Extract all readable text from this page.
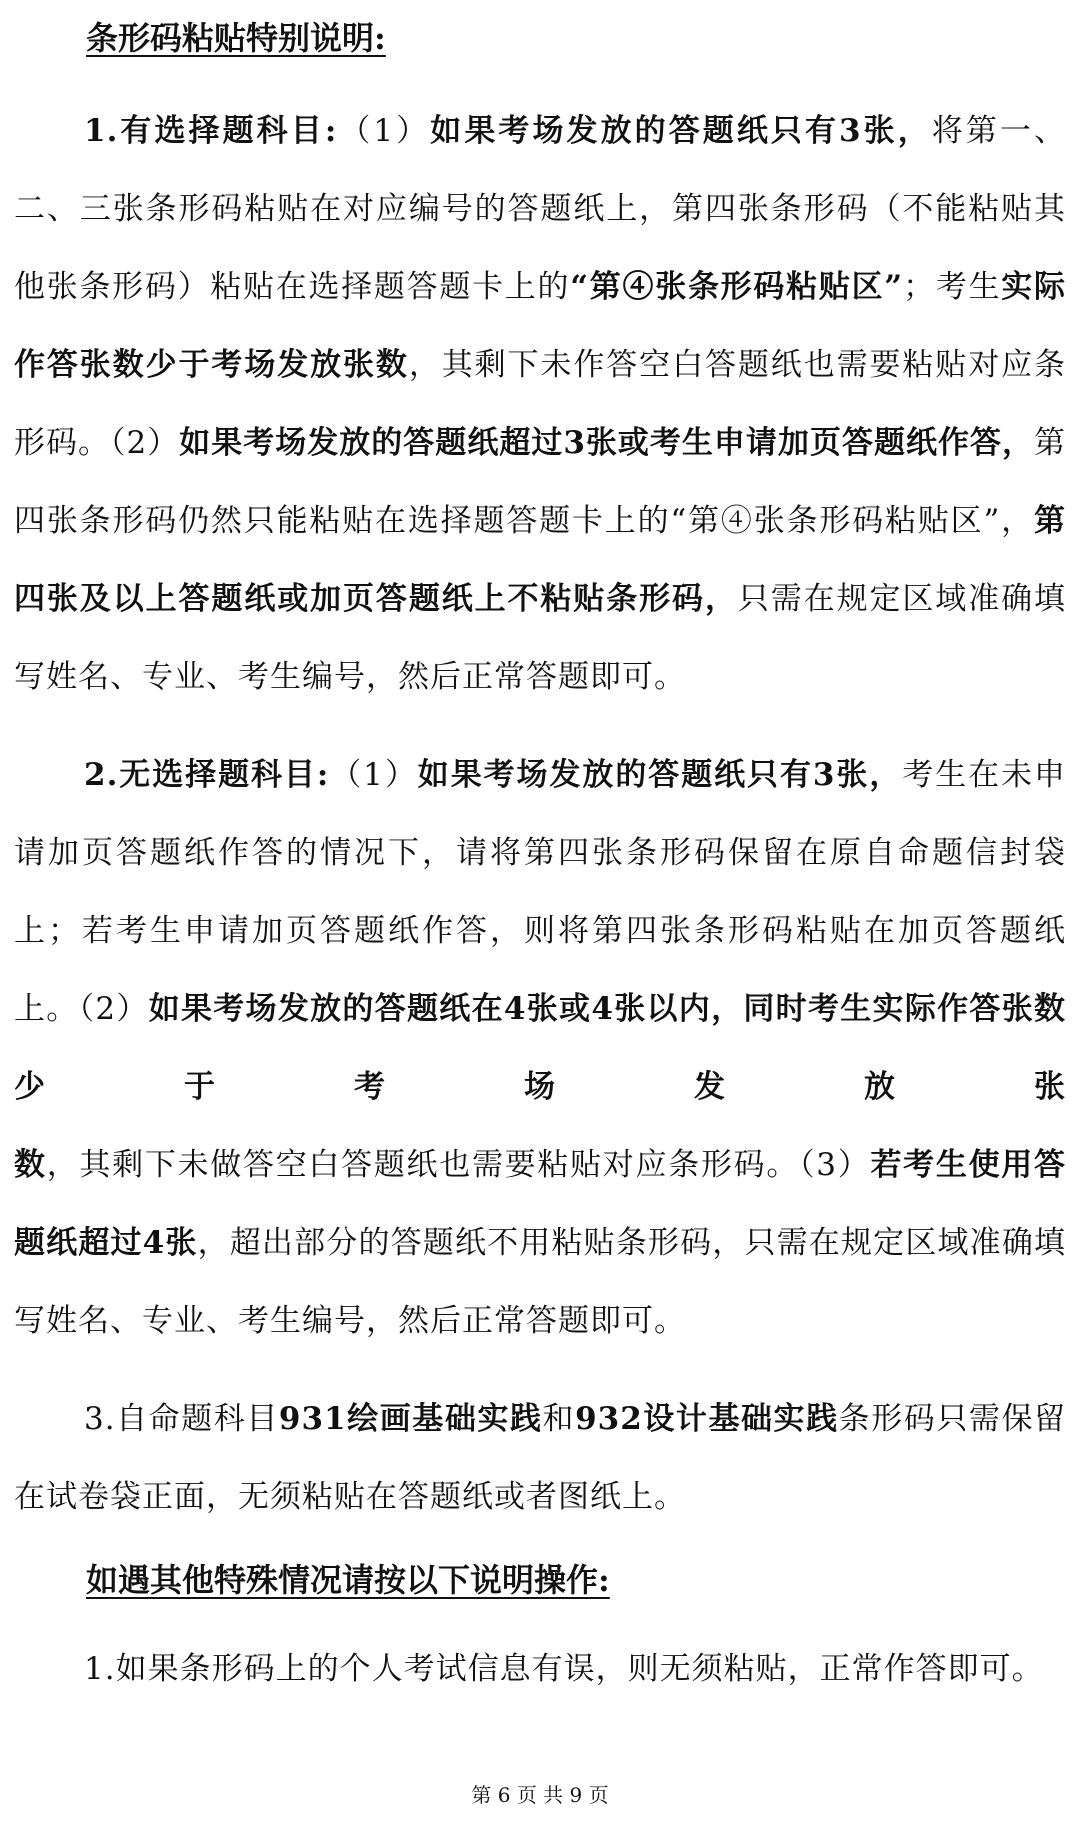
条形码粘贴特别说明:

1.有选择题科目:（1）如果考场发放的答题纸只有3张，将第一、二、三张条形码粘贴在对应编号的答题纸上，第四张条形码（不能粘贴其他张条形码）粘贴在选择题答题卡上的“第④张条形码粘贴区”；考生实际作答张数少于考场发放张数，其剩下未作答空白答题纸也需要粘贴对应条形码。（2）如果考场发放的答题纸超过3张或考生申请加页答题纸作答，第四张条形码仍然只能粘贴在选择题答题卡上的“第④张条形码粘贴区”，第四张及以上答题纸或加页答题纸上不粘贴条形码，只需在规定区域准确填写姓名、专业、考生编号，然后正常答题即可。

2.无选择题科目:（1）如果考场发放的答题纸只有3张，考生在未申请加页答题纸作答的情况下，请将第四张条形码保留在原自命题信封袋上；若考生申请加页答题纸作答，则将第四张条形码粘贴在加页答题纸上。（2）如果考场发放的答题纸在4张或4张以内，同时考生实际作答张数少于考场发放张数，其剩下未做答空白答题纸也需要粘贴对应条形码。（3）若考生使用答题纸超过4张，超出部分的答题纸不用粘贴条形码，只需在规定区域准确填写姓名、专业、考生编号，然后正常答题即可。

3.自命题科目931绘画基础实践和932设计基础实践条形码只需保留在试卷袋正面，无须粘贴在答题纸或者图纸上。

如遇其他特殊情况请按以下说明操作:

1.如果条形码上的个人考试信息有误，则无须粘贴，正常作答即可。

第 6 页 共 9 页
